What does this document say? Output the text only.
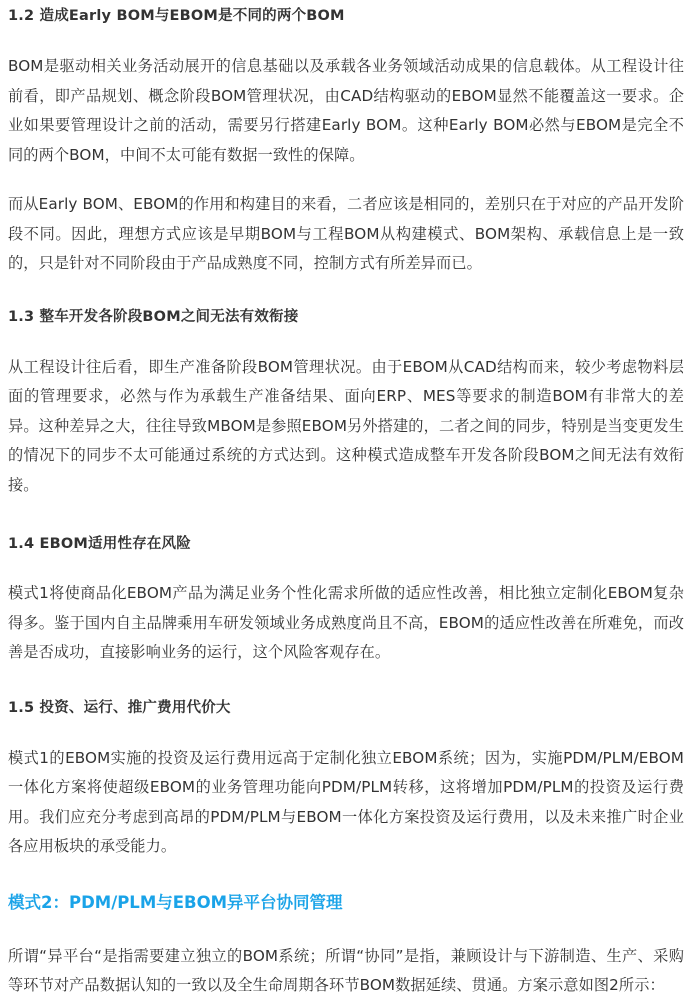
1.2 造成Early BOM与EBOM是不同的两个BOM

BOM是驱动相关业务活动展开的信息基础以及承载各业务领域活动成果的信息载体。从工程设计往前看，即产品规划、概念阶段BOM管理状况，由CAD结构驱动的EBOM显然不能覆盖这一要求。企业如果要管理设计之前的活动，需要另行搭建Early BOM。这种Early BOM必然与EBOM是完全不同的两个BOM，中间不太可能有数据一致性的保障。

而从Early BOM、EBOM的作用和构建目的来看，二者应该是相同的，差别只在于对应的产品开发阶段不同。因此，理想方式应该是早期BOM与工程BOM从构建模式、BOM架构、承载信息上是一致的，只是针对不同阶段由于产品成熟度不同，控制方式有所差异而已。

1.3 整车开发各阶段BOM之间无法有效衔接

从工程设计往后看，即生产准备阶段BOM管理状况。由于EBOM从CAD结构而来，较少考虑物料层面的管理要求，必然与作为承载生产准备结果、面向ERP、MES等要求的制造BOM有非常大的差异。这种差异之大，往往导致MBOM是参照EBOM另外搭建的，二者之间的同步，特别是当变更发生的情况下的同步不太可能通过系统的方式达到。这种模式造成整车开发各阶段BOM之间无法有效衔接。

1.4 EBOM适用性存在风险

模式1将使商品化EBOM产品为满足业务个性化需求所做的适应性改善，相比独立定制化EBOM复杂得多。鉴于国内自主品牌乘用车研发领域业务成熟度尚且不高，EBOM的适应性改善在所难免，而改善是否成功，直接影响业务的运行，这个风险客观存在。

1.5 投资、运行、推广费用代价大

模式1的EBOM实施的投资及运行费用远高于定制化独立EBOM系统；因为，实施PDM/PLM/EBOM一体化方案将使超级EBOM的业务管理功能向PDM/PLM转移，这将增加PDM/PLM的投资及运行费用。我们应充分考虑到高昂的PDM/PLM与EBOM一体化方案投资及运行费用，以及未来推广时企业各应用板块的承受能力。

模式2：PDM/PLM与EBOM异平台协同管理

所谓“异平台“是指需要建立独立的BOM系统；所谓“协同”是指，兼顾设计与下游制造、生产、采购等环节对产品数据认知的一致以及全生命周期各环节BOM数据延续、贯通。方案示意如图2所示：
